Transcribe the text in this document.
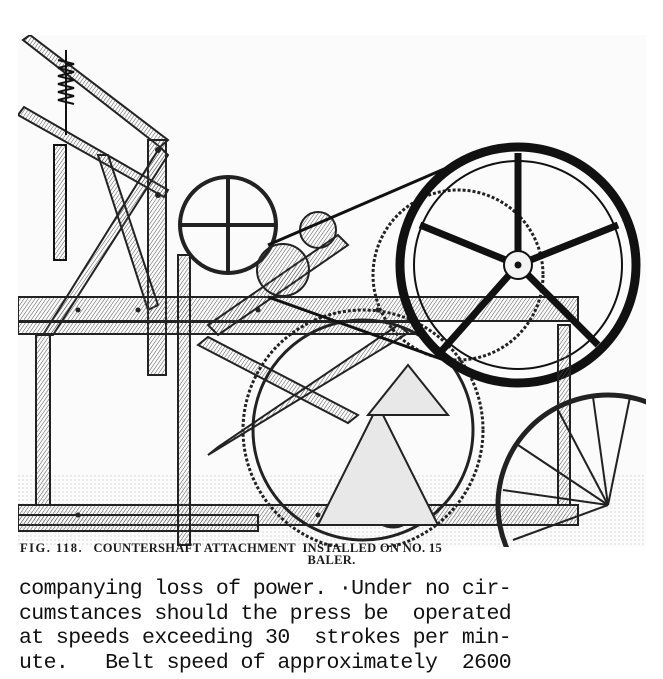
FIG. 118. COUNTERSHAFT ATTACHMENT  INSTALLED ON NO. 15
BALER.
companying loss of power. ·Under no cir-
cumstances should the press be  operated
at speeds exceeding 30  strokes per min-
ute.   Belt speed of approximately  2600
